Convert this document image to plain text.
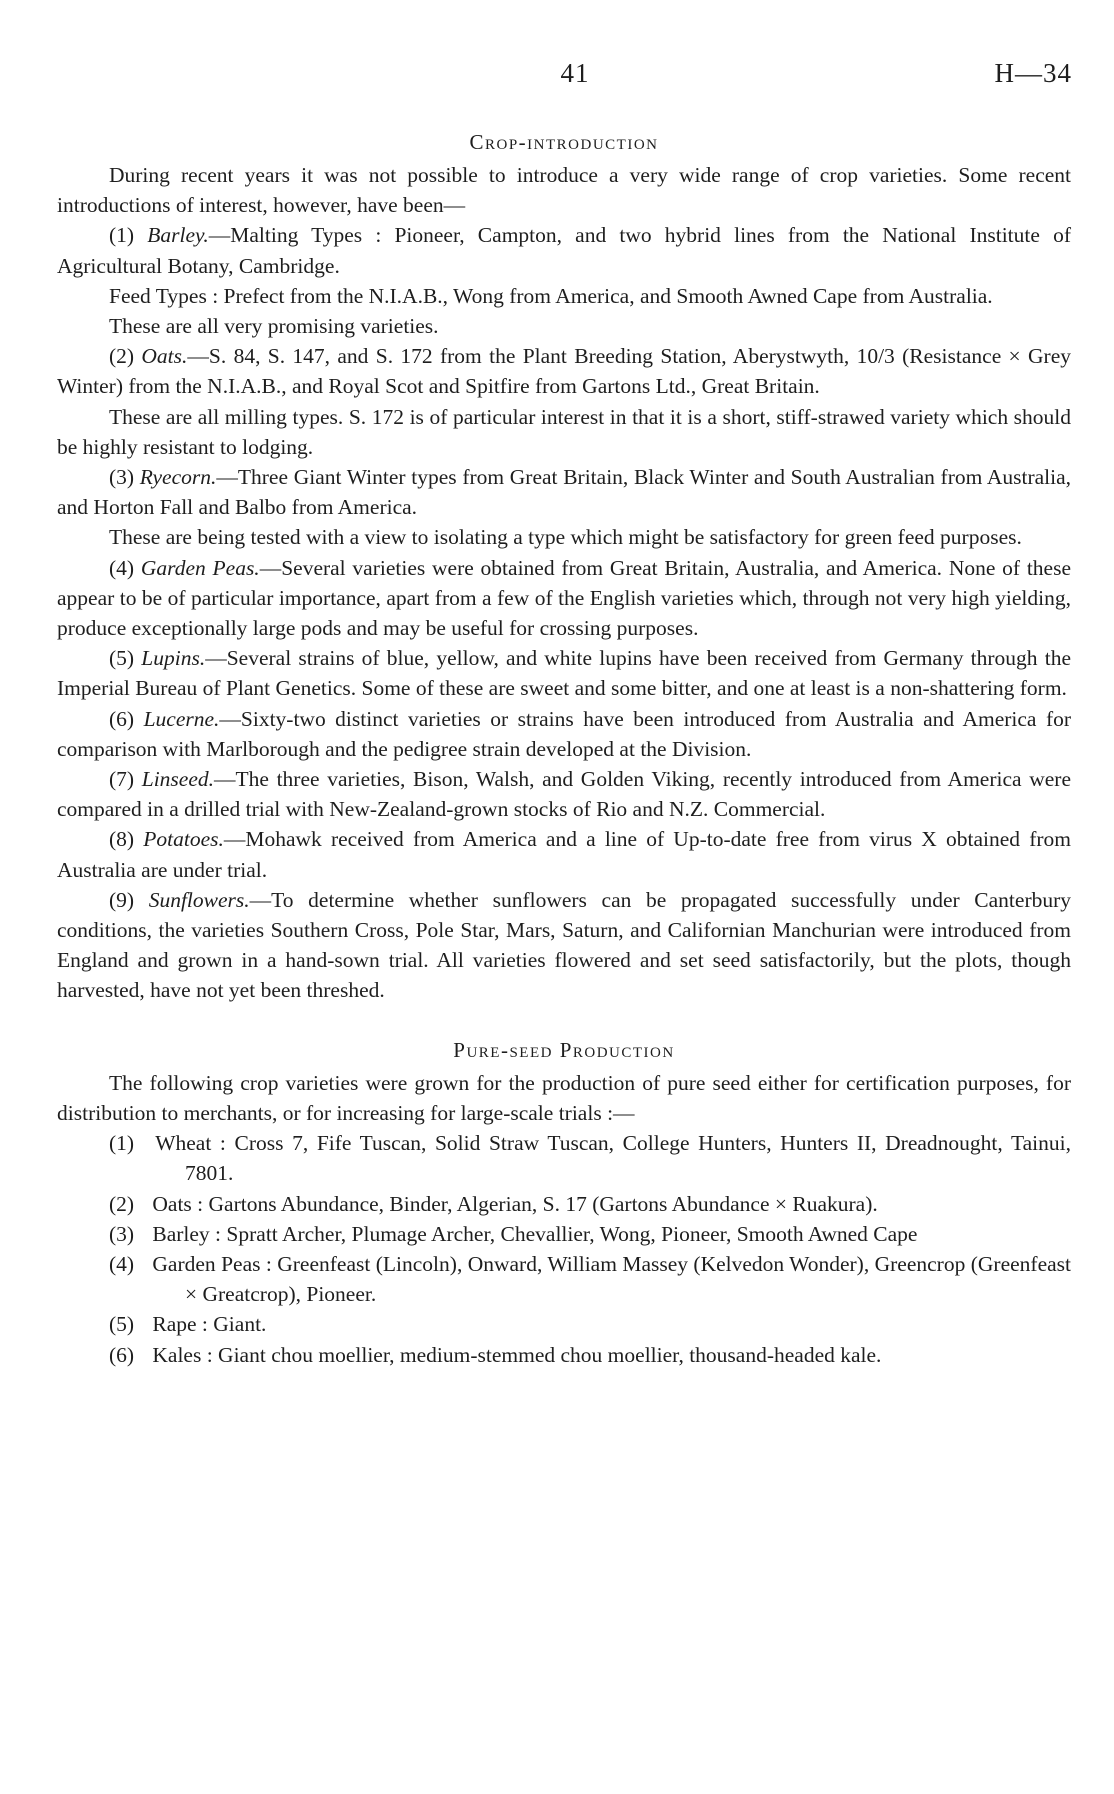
41	H—34
Crop-introduction

During recent years it was not possible to introduce a very wide range of crop varieties. Some recent introductions of interest, however, have been—

(1) Barley.—Malting Types : Pioneer, Campton, and two hybrid lines from the National Institute of Agricultural Botany, Cambridge.

Feed Types : Prefect from the N.I.A.B., Wong from America, and Smooth Awned Cape from Australia.

These are all very promising varieties.

(2) Oats.—S. 84, S. 147, and S. 172 from the Plant Breeding Station, Aberystwyth, 10/3 (Resistance × Grey Winter) from the N.I.A.B., and Royal Scot and Spitfire from Gartons Ltd., Great Britain.

These are all milling types. S. 172 is of particular interest in that it is a short, stiff-strawed variety which should be highly resistant to lodging.

(3) Ryecorn.—Three Giant Winter types from Great Britain, Black Winter and South Australian from Australia, and Horton Fall and Balbo from America.

These are being tested with a view to isolating a type which might be satisfactory for green feed purposes.

(4) Garden Peas.—Several varieties were obtained from Great Britain, Australia, and America. None of these appear to be of particular importance, apart from a few of the English varieties which, through not very high yielding, produce exceptionally large pods and may be useful for crossing purposes.

(5) Lupins.—Several strains of blue, yellow, and white lupins have been received from Germany through the Imperial Bureau of Plant Genetics. Some of these are sweet and some bitter, and one at least is a non-shattering form.

(6) Lucerne.—Sixty-two distinct varieties or strains have been introduced from Australia and America for comparison with Marlborough and the pedigree strain developed at the Division.

(7) Linseed.—The three varieties, Bison, Walsh, and Golden Viking, recently introduced from America were compared in a drilled trial with New-Zealand-grown stocks of Rio and N.Z. Commercial.

(8) Potatoes.—Mohawk received from America and a line of Up-to-date free from virus X obtained from Australia are under trial.

(9) Sunflowers.—To determine whether sunflowers can be propagated successfully under Canterbury conditions, the varieties Southern Cross, Pole Star, Mars, Saturn, and Californian Manchurian were introduced from England and grown in a hand-sown trial. All varieties flowered and set seed satisfactorily, but the plots, though harvested, have not yet been threshed.

Pure-seed Production

The following crop varieties were grown for the production of pure seed either for certification purposes, for distribution to merchants, or for increasing for large-scale trials :—

(1) Wheat : Cross 7, Fife Tuscan, Solid Straw Tuscan, College Hunters, Hunters II, Dreadnought, Tainui, 7801.
(2) Oats : Gartons Abundance, Binder, Algerian, S. 17 (Gartons Abundance × Ruakura).
(3) Barley : Spratt Archer, Plumage Archer, Chevallier, Wong, Pioneer, Smooth Awned Cape
(4) Garden Peas : Greenfeast (Lincoln), Onward, William Massey (Kelvedon Wonder), Greencrop (Greenfeast × Greatcrop), Pioneer.
(5) Rape : Giant.
(6) Kales : Giant chou moellier, medium-stemmed chou moellier, thousand-headed kale.
